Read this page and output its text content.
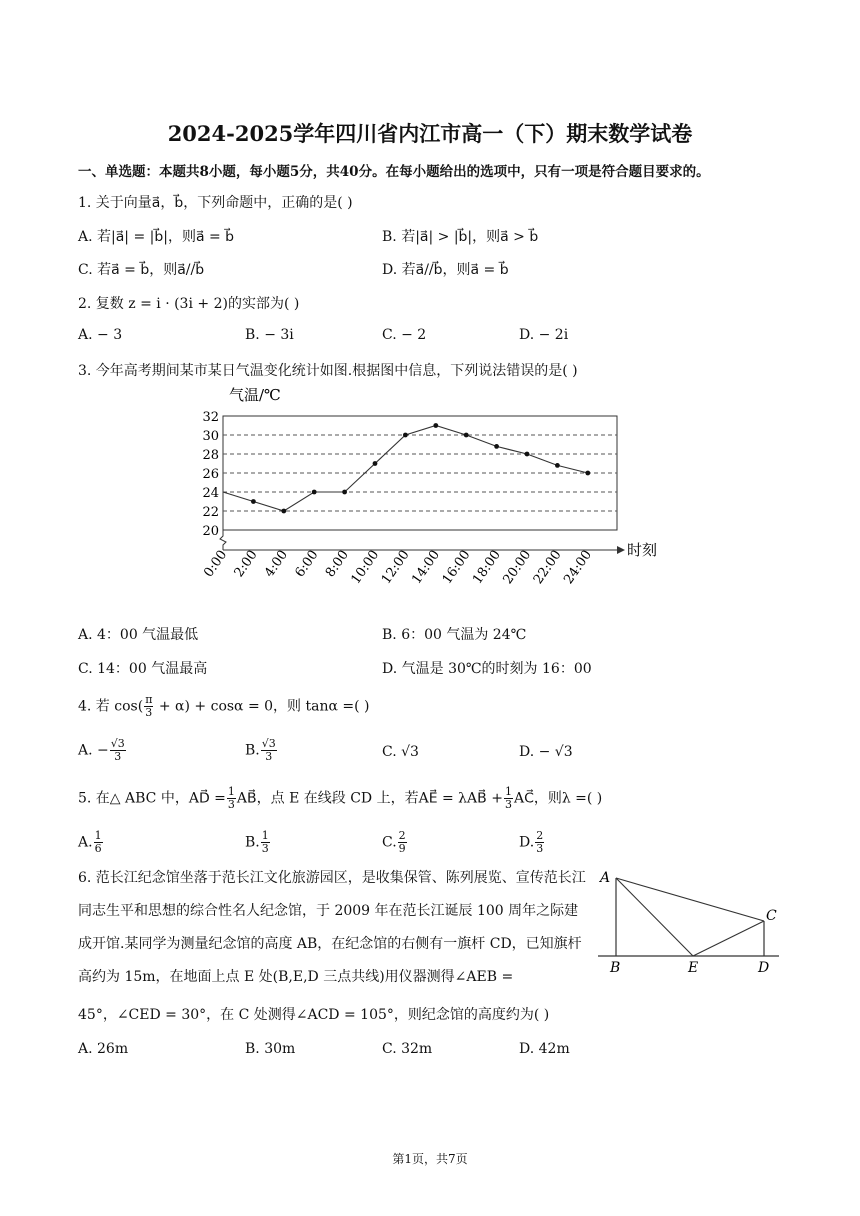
2024-2025学年四川省内江市高一（下）期末数学试卷
一、单选题：本题共8小题，每小题5分，共40分。在每小题给出的选项中，只有一项是符合题目要求的。
1. 关于向量a⃗，b⃗，下列命题中，正确的是( )
A. 若|a⃗| = |b⃗|，则a⃗ = b⃗	B. 若|a⃗| > |b⃗|，则a⃗ > b⃗
C. 若a⃗ = b⃗，则a⃗//b⃗	D. 若a⃗//b⃗，则a⃗ = b⃗
2. 复数 z = i · (3i + 2)的实部为( )
A. − 3	B. − 3i	C. − 2	D. − 2i
3. 今年高考期间某市某日气温变化统计如图.根据图中信息，下列说法错误的是( )
20
22
24
26
28
30
32
0:00 2:00 4:00 6:00 8:00
10:00
12:00
14:00
16:00
18:00
20:00
22:00
24:00
气温/℃
时刻
A. 4：00 气温最低	B. 6：00 气温为 24℃
C. 14：00 气温最高	D. 气温是 30℃的时刻为 16：00
4. 若 $\cos( \frac{\pi}{3} + \alpha) + \cos\alpha = 0$，则 tanα =( )
A. − $\frac{√3}{3}$	B. $\frac{√3}{3}$	C. √3	D. − √3
5. 在△ ABC 中，AD⃗ = $\frac{1}{3}$ AB⃗，点 E 在线段 CD 上，若AE⃗ = λAB⃗ + $\frac{1}{3}$ AC⃗，则λ =( )
A. $\frac{1}{6}$	B. $\frac{1}{3}$	C. $\frac{2}{9}$	D. $\frac{2}{3}$
6. 范长江纪念馆坐落于范长江文化旅游园区，是收集保管、陈列展览、宣传范长江同志生平和思想的综合性名人纪念馆，于 2009 年在范长江诞辰 100 周年之际建成开馆.某同学为测量纪念馆的高度 AB，在纪念馆的右侧有一旗杆 CD，已知旗杆高约为 15m，在地面上点 E 处(B,E,D 三点共线)用仪器测得∠AEB =
45°，∠CED = 30°，在 C 处测得∠ACD = 105°，则纪念馆的高度约为( )
A
B
C
D
E
A. 26m	B. 30m	C. 32m	D. 42m
第1页，共7页
